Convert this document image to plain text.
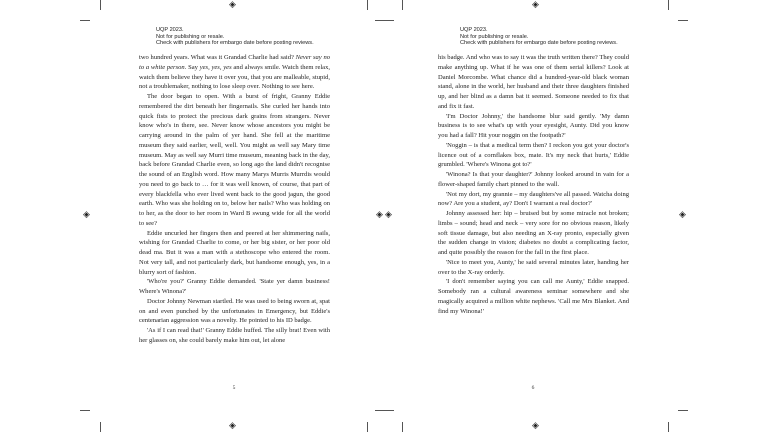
◈
◈	◈
◈
UQP 2023.
Not for publishing or resale.
Check with publishers for embargo date before posting reviews.

two hundred years. What was it Grandad Charlie had said? Never say no to a white person. Say yes, yes, yes and always smile. Watch them relax, watch them believe they have it over you, that you are malleable, stupid, not a troublemaker, nothing to lose sleep over. Nothing to see here.

The door began to open. With a burst of fright, Granny Eddie remembered the dirt beneath her fingernails. She curled her hands into quick fists to protect the precious dark grains from strangers. Never know who's in there, see. Never know whose ancestors you might be carrying around in the palm of yer hand. She fell at the maritime museum they said earlier, well, well. You might as well say Mary time museum. May as well say Murri time museum, meaning back in the day, back before Grandad Charlie even, so long ago the land didn't recognise the sound of an English word. How many Marys Murris Murrdis would you need to go back to … for it was well known, of course, that part of every blackfella who ever lived went back to the good jagun, the good earth. Who was she holding on to, below her nails? Who was holding on to her, as the door to her room in Ward B swung wide for all the world to see?

Eddie uncurled her fingers then and peered at her shimmering nails, wishing for Grandad Charlie to come, or her big sister, or her poor old dead ma. But it was a man with a stethoscope who entered the room. Not very tall, and not particularly dark, but handsome enough, yes, in a blurry sort of fashion.

'Who're you?' Granny Eddie demanded. 'State yer damn business! Where's Winona?'

Doctor Johnny Newman startled. He was used to being sworn at, spat on and even punched by the unfortunates in Emergency, but Eddie's centenarian aggression was a novelty. He pointed to his ID badge.

'As if I can read that!' Granny Eddie huffed. The silly brat! Even with her glasses on, she could barely make him out, let alone

5
◈
◈	◈
◈
UQP 2023.
Not for publishing or resale.
Check with publishers for embargo date before posting reviews.

his badge. And who was to say it was the truth written there? They could make anything up. What if he was one of them serial killers? Look at Daniel Morcombe. What chance did a hundred-year-old black woman stand, alone in the world, her husband and their three daughters finished up, and her blind as a damn bat it seemed. Someone needed to fix that and fix it fast.

'I'm Doctor Johnny,' the handsome blur said gently. 'My damn business is to see what's up with your eyesight, Aunty. Did you know you had a fall? Hit your noggin on the footpath?'

'Noggin – is that a medical term then? I reckon you got your doctor's licence out of a cornflakes box, mate. It's my neck that hurts,' Eddie grumbled. 'Where's Winona got to?'

'Winona? Is that your daughter?' Johnny looked around in vain for a flower-shaped family chart pinned to the wall.

'Not my dort, my grannie – my daughters've all passed. Watcha doing now? Are you a student, ay? Don't I warrant a real doctor?'

Johnny assessed her: hip – bruised but by some miracle not broken; limbs – sound; head and neck – very sore for no obvious reason, likely soft tissue damage, but also needing an X-ray pronto, especially given the sudden change in vision; diabetes no doubt a complicating factor, and quite possibly the reason for the fall in the first place.

'Nice to meet you, Aunty,' he said several minutes later, handing her over to the X-ray orderly.

'I don't remember saying you can call me Aunty,' Eddie snapped. Somebody ran a cultural awareness seminar somewhere and she magically acquired a million white nephews. 'Call me Mrs Blanket. And find my Winona!'

6
